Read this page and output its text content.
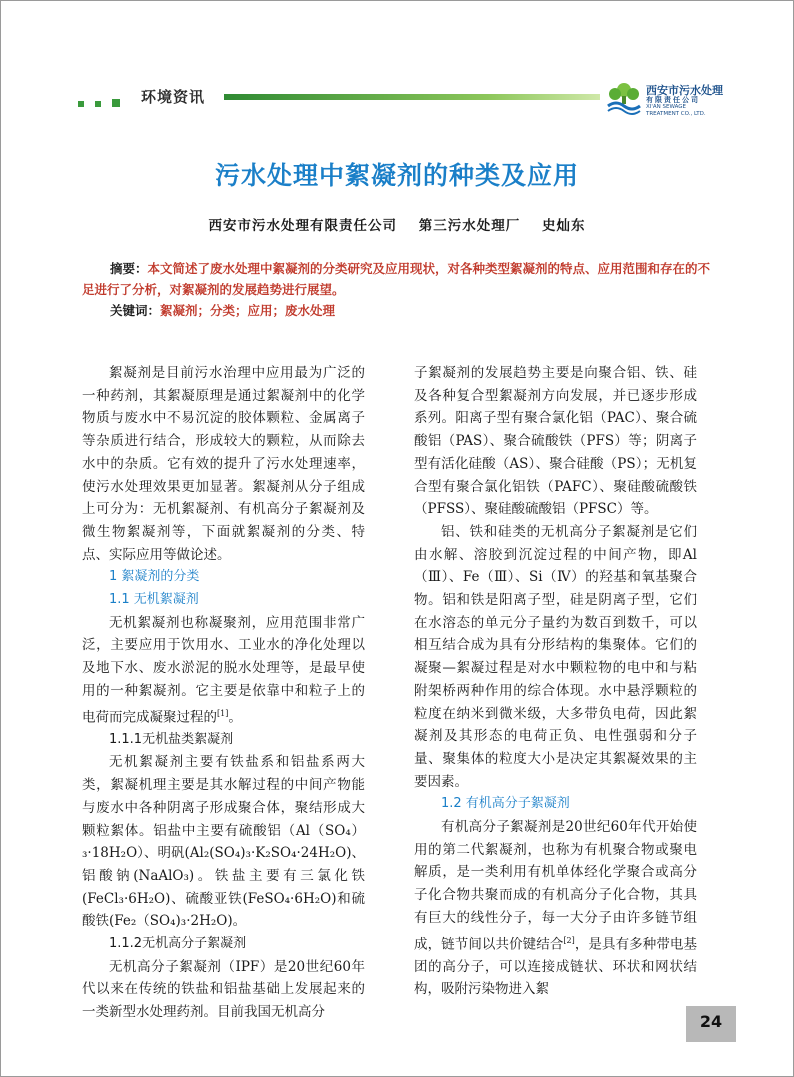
环境资讯	西安市污水处理
有限责任公司
XI'AN SEWAGE
TREATMENT CO., LTD.
污水处理中絮凝剂的种类及应用
西安市污水处理有限责任公司 第三污水处理厂 史灿东

摘要：本文简述了废水处理中絮凝剂的分类研究及应用现状，对各种类型絮凝剂的特点、应用范围和存在的不足进行了分析，对絮凝剂的发展趋势进行展望。

关键词：絮凝剂；分类；应用；废水处理

絮凝剂是目前污水治理中应用最为广泛的一种药剂，其絮凝原理是通过絮凝剂中的化学物质与废水中不易沉淀的胶体颗粒、金属离子等杂质进行结合，形成较大的颗粒，从而除去水中的杂质。它有效的提升了污水处理速率，使污水处理效果更加显著。絮凝剂从分子组成上可分为：无机絮凝剂、有机高分子絮凝剂及微生物絮凝剂等，下面就絮凝剂的分类、特点、实际应用等做论述。

1 絮凝剂的分类

1.1 无机絮凝剂

无机絮凝剂也称凝聚剂，应用范围非常广泛，主要应用于饮用水、工业水的净化处理以及地下水、废水淤泥的脱水处理等，是最早使用的一种絮凝剂。它主要是依靠中和粒子上的电荷而完成凝聚过程的[1]。

1.1.1无机盐类絮凝剂

无机絮凝剂主要有铁盐系和铝盐系两大类，絮凝机理主要是其水解过程的中间产物能与废水中各种阴离子形成聚合体，聚结形成大颗粒絮体。铝盐中主要有硫酸铝（Al（SO₄）₃·18H₂O）、明矾(Al₂(SO₄)₃·K₂SO₄·24H₂O)、铝酸钠(NaAlO₃)。铁盐主要有三氯化铁(FeCl₃·6H₂O)、硫酸亚铁(FeSO₄·6H₂O)和硫酸铁(Fe₂（SO₄)₃·2H₂O)。

1.1.2无机高分子絮凝剂

无机高分子絮凝剂（IPF）是20世纪60年代以来在传统的铁盐和铝盐基础上发展起来的一类新型水处理药剂。目前我国无机高分

子絮凝剂的发展趋势主要是向聚合铝、铁、硅及各种复合型絮凝剂方向发展，并已逐步形成系列。阳离子型有聚合氯化铝（PAC）、聚合硫酸铝（PAS）、聚合硫酸铁（PFS）等；阴离子型有活化硅酸（AS）、聚合硅酸（PS）；无机复合型有聚合氯化铝铁（PAFC）、聚硅酸硫酸铁（PFSS）、聚硅酸硫酸铝（PFSC）等。

铝、铁和硅类的无机高分子絮凝剂是它们由水解、溶胶到沉淀过程的中间产物，即Al（Ⅲ）、Fe（Ⅲ）、Si（Ⅳ）的羟基和氧基聚合物。铝和铁是阳离子型，硅是阴离子型，它们在水溶态的单元分子量约为数百到数千，可以相互结合成为具有分形结构的集聚体。它们的凝聚—絮凝过程是对水中颗粒物的电中和与粘附架桥两种作用的综合体现。水中悬浮颗粒的粒度在纳米到微米级，大多带负电荷，因此絮凝剂及其形态的电荷正负、电性强弱和分子量、聚集体的粒度大小是决定其絮凝效果的主要因素。

1.2 有机高分子絮凝剂

有机高分子絮凝剂是20世纪60年代开始使用的第二代絮凝剂，也称为有机聚合物或聚电解质，是一类利用有机单体经化学聚合或高分子化合物共聚而成的有机高分子化合物，其具有巨大的线性分子，每一大分子由许多链节组成，链节间以共价键结合[2]，是具有多种带电基团的高分子，可以连接成链状、环状和网状结构，吸附污染物进入絮

24
